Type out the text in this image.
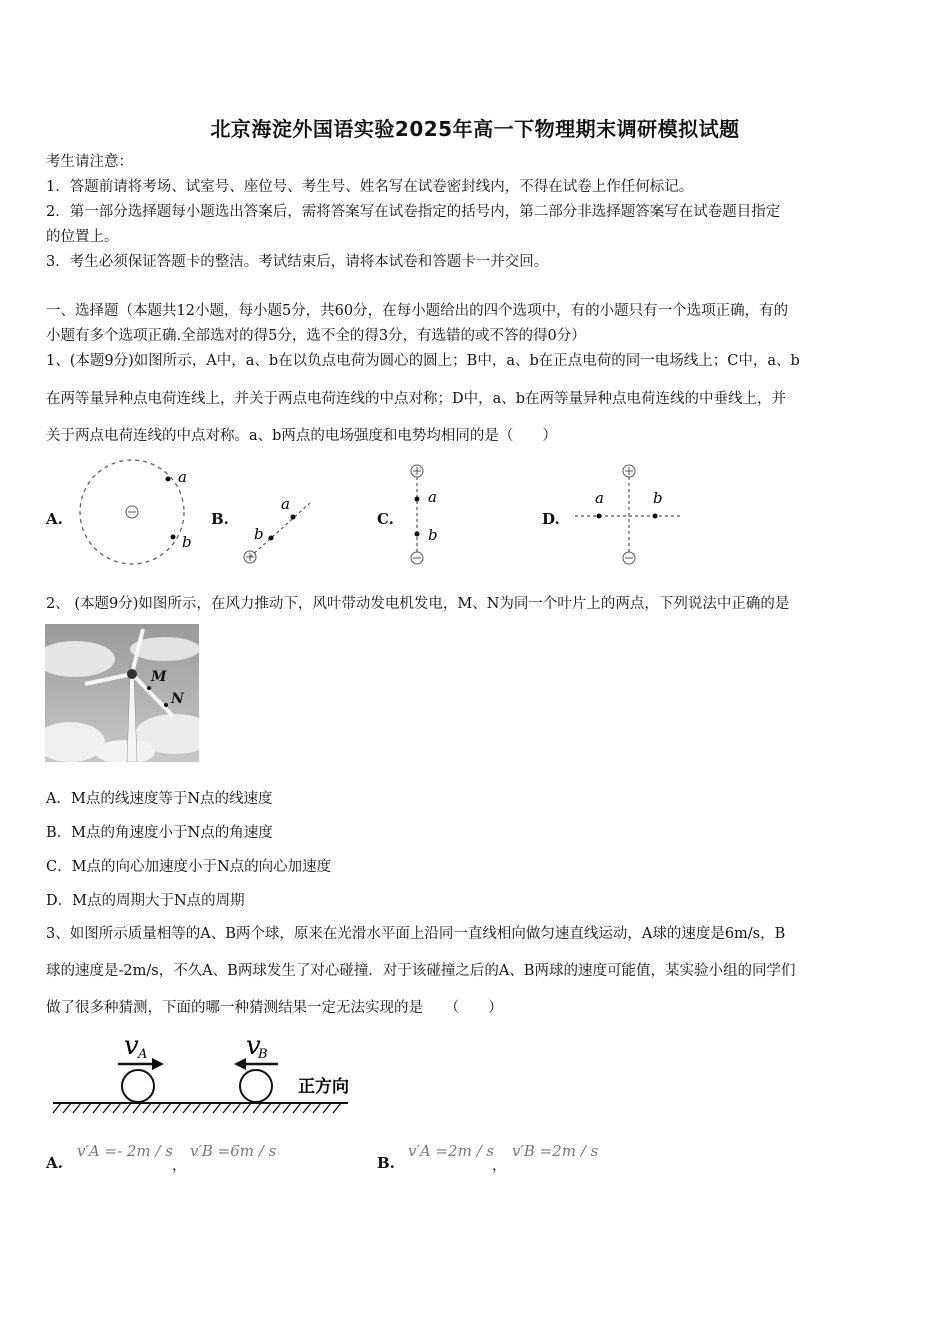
北京海淀外国语实验2025年高一下物理期末调研模拟试题
考生请注意：
1．答题前请将考场、试室号、座位号、考生号、姓名写在试卷密封线内，不得在试卷上作任何标记。
2．第一部分选择题每小题选出答案后，需将答案写在试卷指定的括号内，第二部分非选择题答案写在试卷题目指定
的位置上。
3．考生必须保证答题卡的整洁。考试结束后，请将本试卷和答题卡一并交回。
一、选择题（本题共12小题，每小题5分，共60分，在每小题给出的四个选项中，有的小题只有一个选项正确，有的
小题有多个选项正确.全部选对的得5分，选不全的得3分，有选错的或不答的得0分）
1、(本题9分)如图所示，A中，a、b在以负点电荷为圆心的圆上；B中，a、b在正点电荷的同一电场线上；C中，a、b
在两等量异种点电荷连线上，并关于两点电荷连线的中点对称；D中，a、b在两等量异种点电荷连线的中垂线上，并
关于两点电荷连线的中点对称。a、b两点的电场强度和电势均相同的是（　　）
A.	B.	C.	D.
a
b
a
b
a
b
a	b
2、 (本题9分)如图所示，在风力推动下，风叶带动发电机发电，M、N为同一个叶片上的两点，下列说法中正确的是
M
N
A．M点的线速度等于N点的线速度
B．M点的角速度小于N点的角速度
C．M点的向心加速度小于N点的向心加速度
D．M点的周期大于N点的周期
3、如图所示质量相等的A、B两个球，原来在光滑水平面上沿同一直线相向做匀速直线运动，A球的速度是6m/s，B
球的速度是-2m/s，不久A、B两球发生了对心碰撞．对于该碰撞之后的A、B两球的速度可能值，某实验小组的同学们
做了很多种猜测，下面的哪一种猜测结果一定无法实现的是　　（　　）
v A	v
B
正方向
A.
v′A =- 2m / s
，
v′B =6m / s
B.
v′A =2m / s
，
v′B =2m / s
